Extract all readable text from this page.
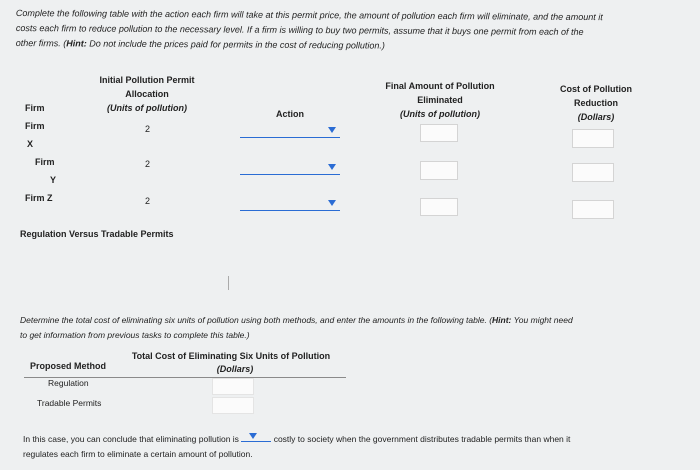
Complete the following table with the action each firm will take at this permit price, the amount of pollution each firm will eliminate, and the amount it
costs each firm to reduce pollution to the necessary level. If a firm is willing to buy two permits, assume that it buys one permit from each of the
other firms. (Hint: Do not include the prices paid for permits in the cost of reducing pollution.)
Initial Pollution Permit
Allocation
(Units of pollution)
Firm
Action
Final Amount of Pollution
Eliminated
(Units of pollution)
Cost of Pollution
Reduction
(Dollars)
Firm
X
2
Firm
Y
2
Firm Z	2
Regulation Versus Tradable Permits
Determine the total cost of eliminating six units of pollution using both methods, and enter the amounts in the following table. (Hint: You might need
to get information from previous tasks to complete this table.)
Total Cost of Eliminating Six Units of Pollution
(Dollars)
Proposed Method
Regulation
Tradable Permits
In this case, you can conclude that eliminating pollution is	costly to society when the government distributes tradable permits than when it
regulates each firm to eliminate a certain amount of pollution.
